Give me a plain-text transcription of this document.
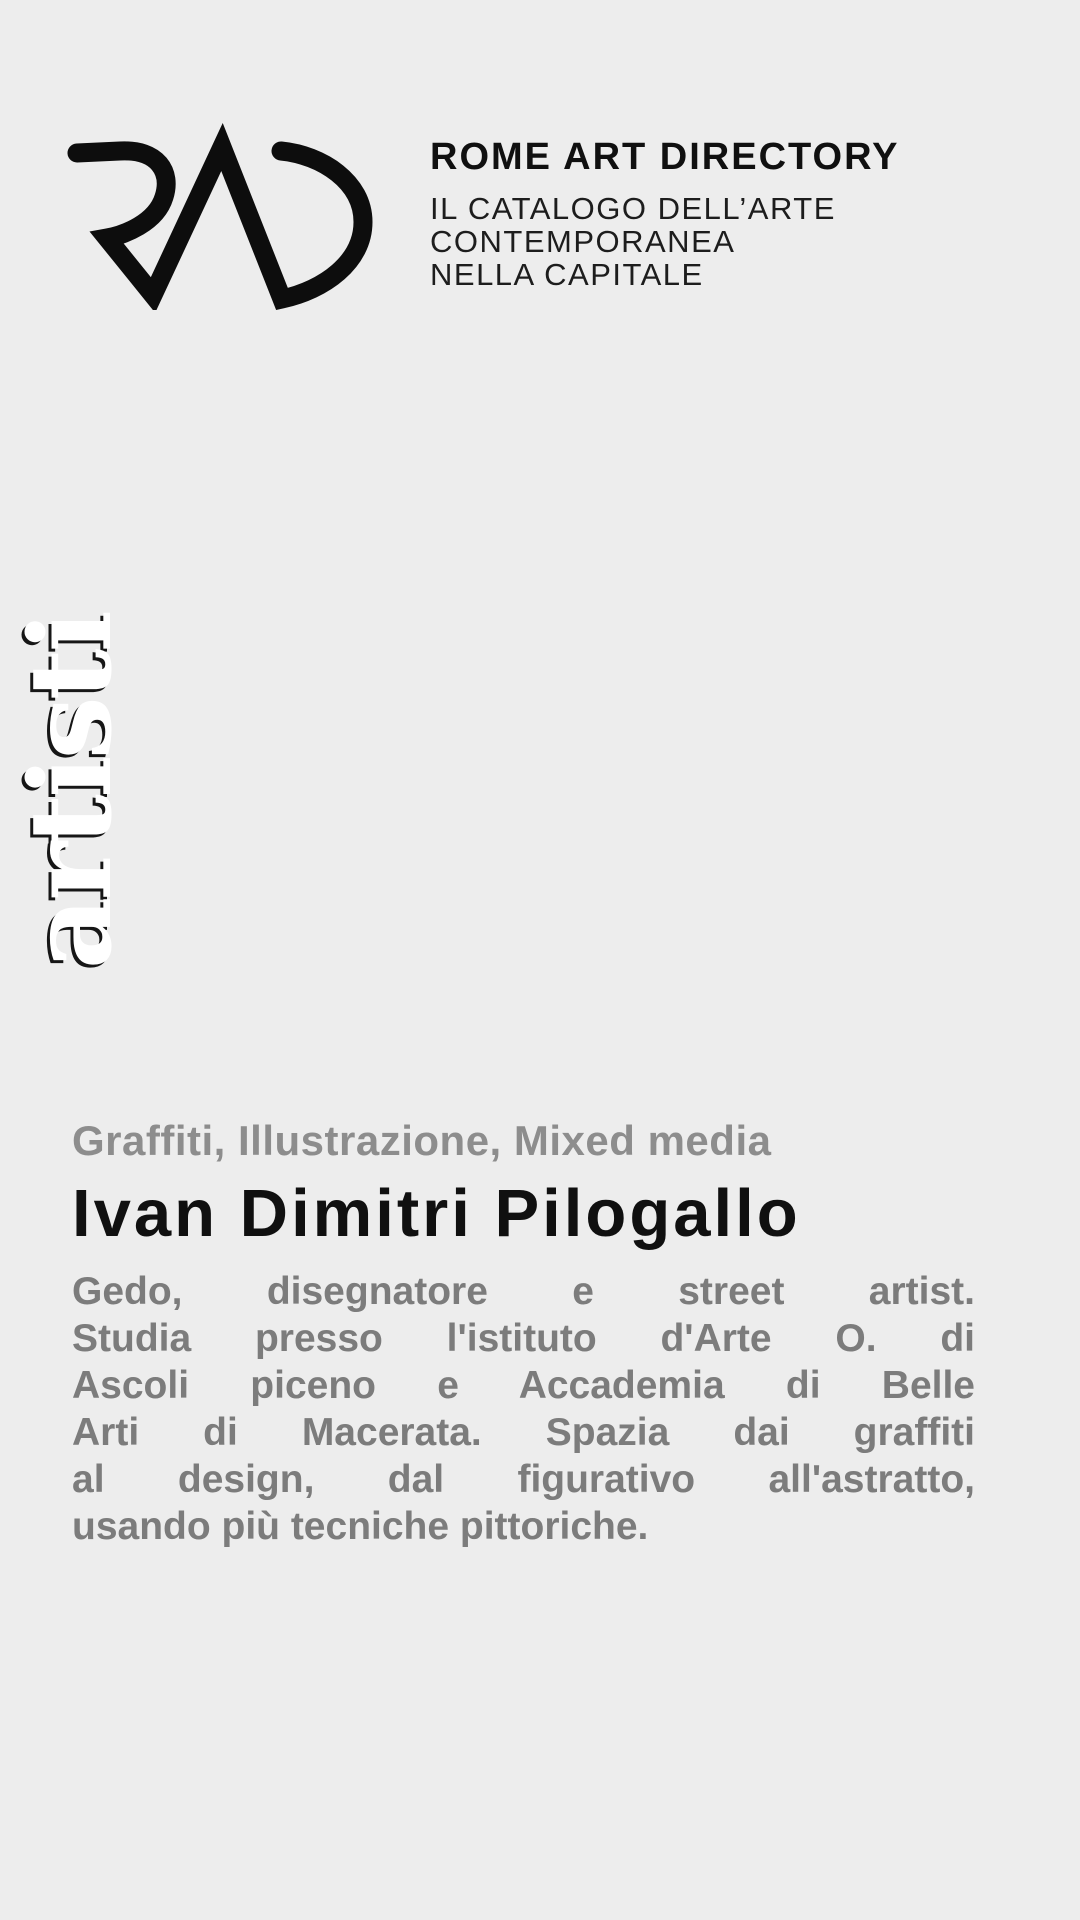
ROME ART DIRECTORY
IL CATALOGO DELL’ARTE
CONTEMPORANEA
NELLA CAPITALE
artisti
Graffiti, Illustrazione, Mixed media
Ivan Dimitri Pilogallo
Gedo, disegnatore e street artist.
Studia presso l'istituto d'Arte O. di
Ascoli piceno e Accademia di Belle
Arti di Macerata. Spazia dai graffiti
al design, dal figurativo all'astratto,
usando più tecniche pittoriche.
